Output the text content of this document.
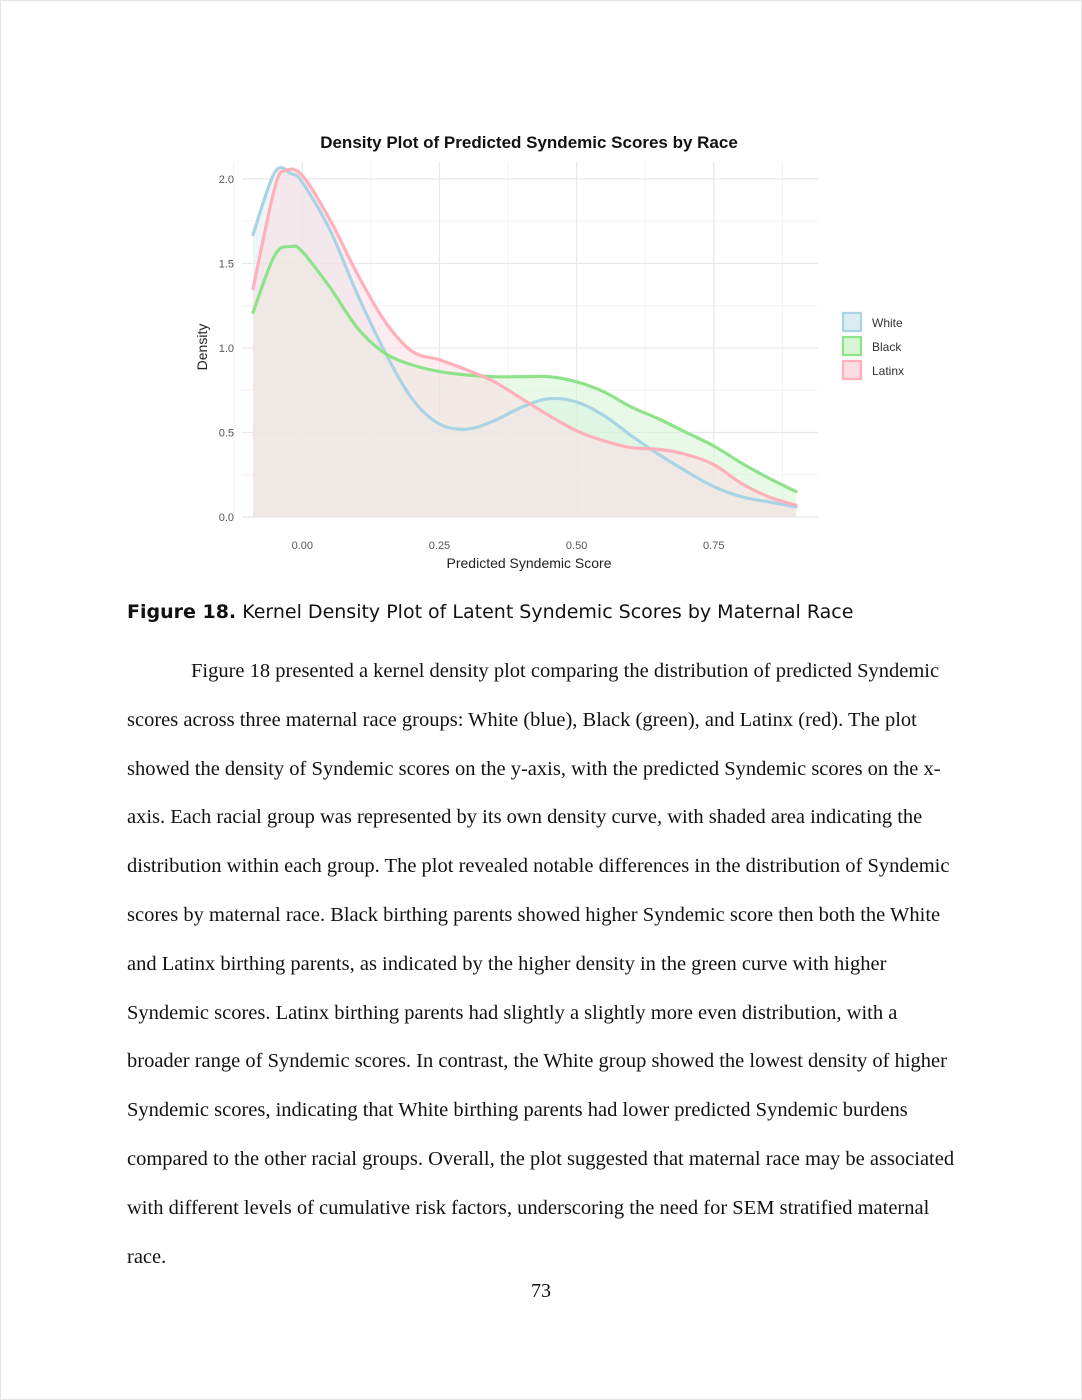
Density Plot of Predicted Syndemic Scores by Race
0.00	0.25	0.50	0.75
0.0
0.5
1.0
1.5
2.0
Predicted Syndemic Score
Density
White
Black
Latinx
Figure 18. Kernel Density Plot of Latent Syndemic Scores by Maternal Race

Figure 18 presented a kernel density plot comparing the distribution of predicted Syndemic scores across three maternal race groups: White (blue), Black (green), and Latinx (red). The plot showed the density of Syndemic scores on the y-axis, with the predicted Syndemic scores on the x-axis. Each racial group was represented by its own density curve, with shaded area indicating the distribution within each group. The plot revealed notable differences in the distribution of Syndemic scores by maternal race. Black birthing parents showed higher Syndemic score then both the White and Latinx birthing parents, as indicated by the higher density in the green curve with higher Syndemic scores. Latinx birthing parents had slightly a slightly more even distribution, with a broader range of Syndemic scores. In contrast, the White group showed the lowest density of higher Syndemic scores, indicating that White birthing parents had lower predicted Syndemic burdens compared to the other racial groups. Overall, the plot suggested that maternal race may be associated with different levels of cumulative risk factors, underscoring the need for SEM stratified maternal race.

73
